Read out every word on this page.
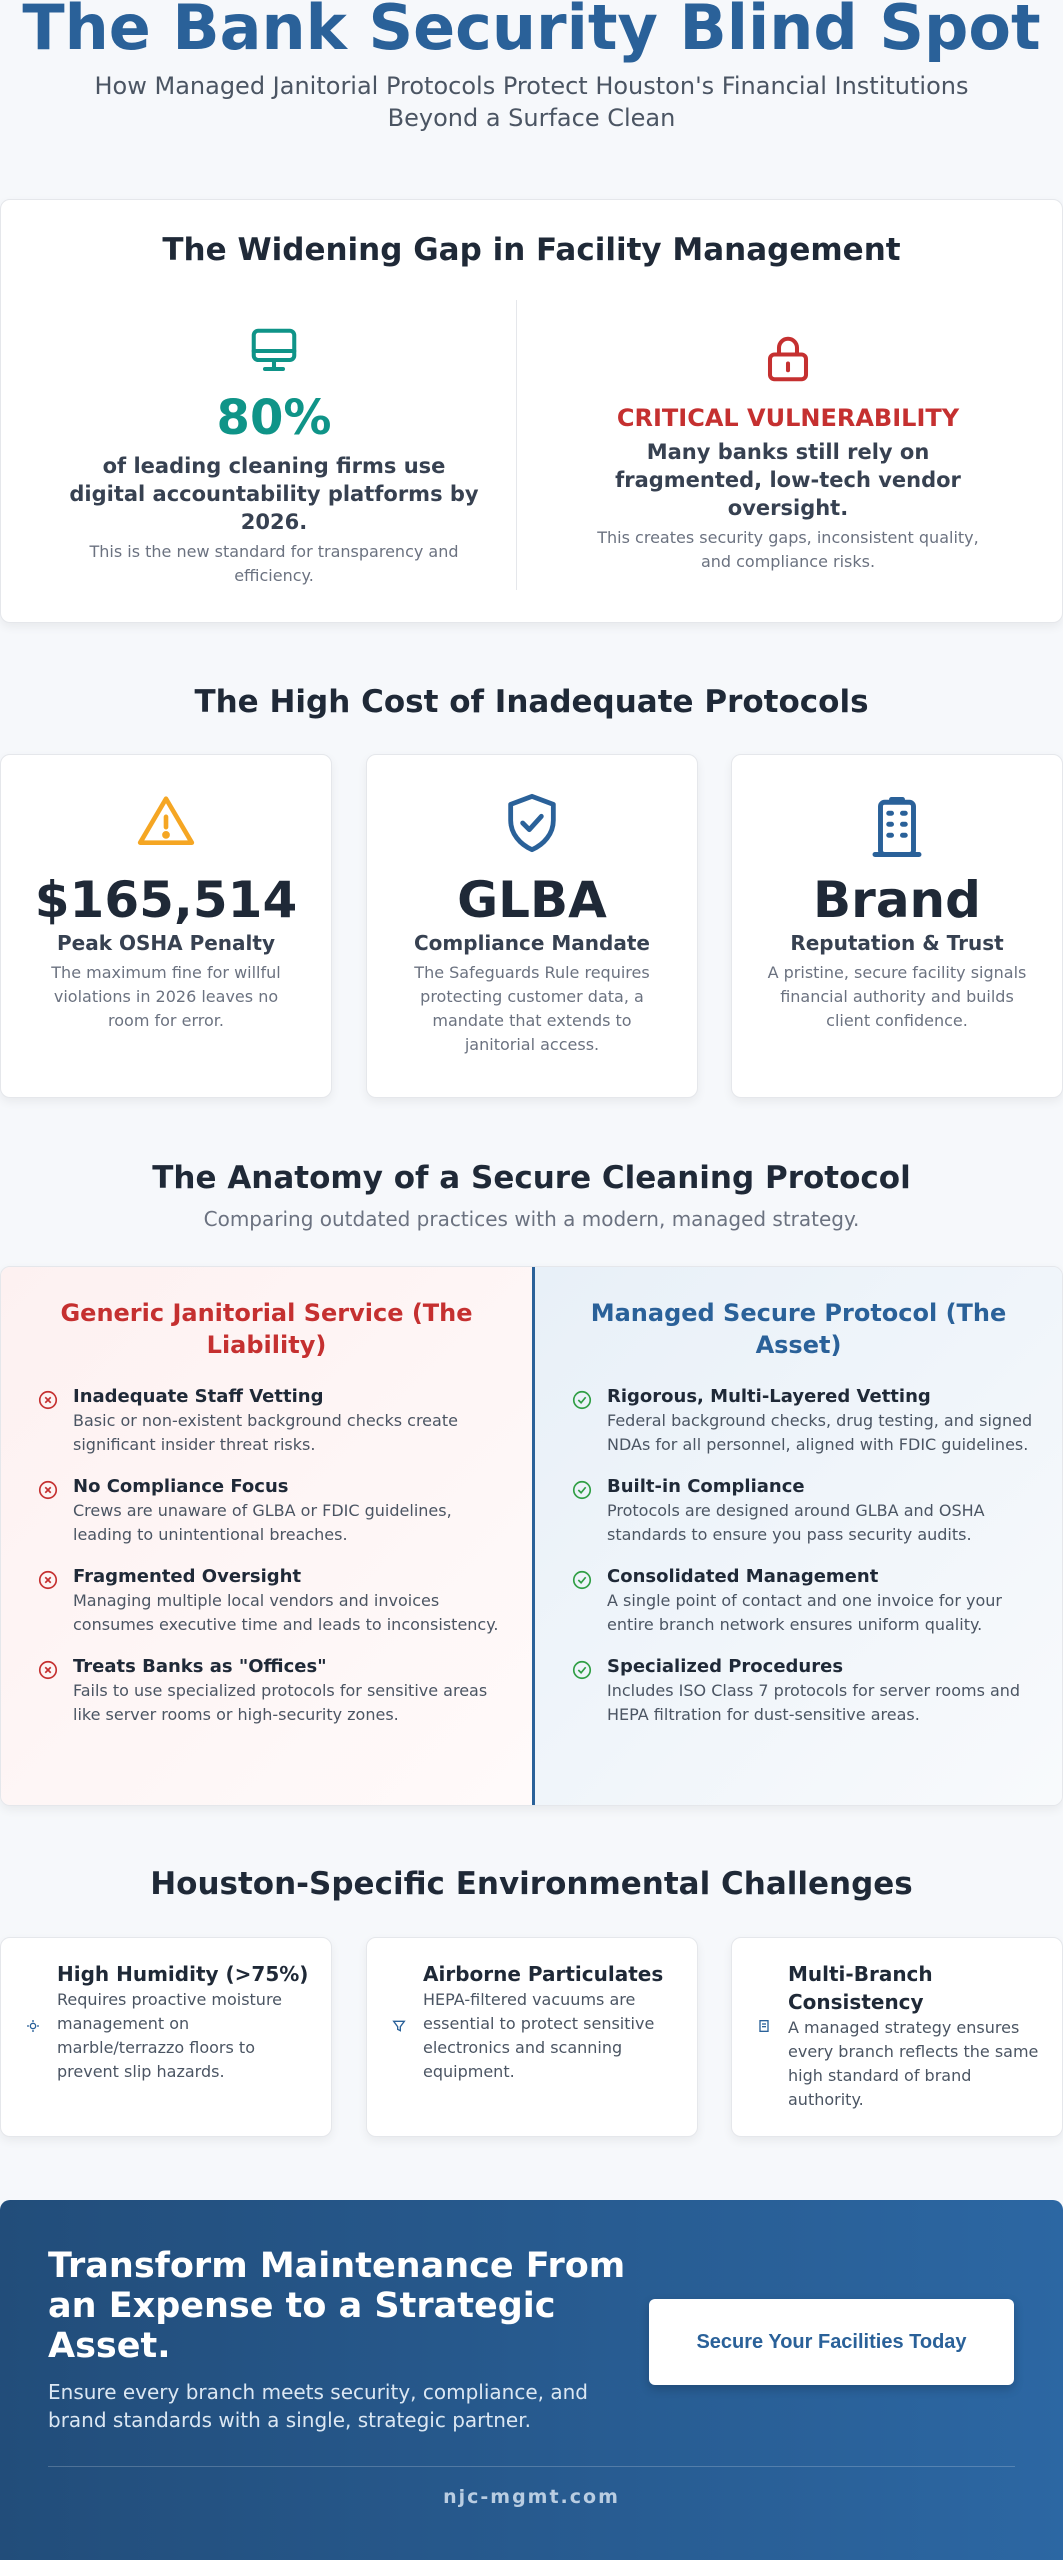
The Bank Security Blind Spot
How Managed Janitorial Protocols Protect Houston's Financial Institutions Beyond a Surface Clean
The Widening Gap in Facility Management
80%
of leading cleaning firms use digital accountability platforms by 2026.
This is the new standard for transparency and efficiency.
CRITICAL VULNERABILITY
Many banks still rely on fragmented, low-tech vendor oversight.
This creates security gaps, inconsistent quality, and compliance risks.
The High Cost of Inadequate Protocols
$165,514
Peak OSHA Penalty
The maximum fine for willful violations in 2026 leaves no room for error.
GLBA
Compliance Mandate
The Safeguards Rule requires protecting customer data, a mandate that extends to janitorial access.
Brand
Reputation & Trust
A pristine, secure facility signals financial authority and builds client confidence.
The Anatomy of a Secure Cleaning Protocol
Comparing outdated practices with a modern, managed strategy.
Generic Janitorial Service (The Liability)
Inadequate Staff Vetting
Basic or non-existent background checks create significant insider threat risks.
No Compliance Focus
Crews are unaware of GLBA or FDIC guidelines, leading to unintentional breaches.
Fragmented Oversight
Managing multiple local vendors and invoices consumes executive time and leads to inconsistency.
Treats Banks as "Offices"
Fails to use specialized protocols for sensitive areas like server rooms or high-security zones.
Managed Secure Protocol (The Asset)
Rigorous, Multi-Layered Vetting
Federal background checks, drug testing, and signed NDAs for all personnel, aligned with FDIC guidelines.
Built-in Compliance
Protocols are designed around GLBA and OSHA standards to ensure you pass security audits.
Consolidated Management
A single point of contact and one invoice for your entire branch network ensures uniform quality.
Specialized Procedures
Includes ISO Class 7 protocols for server rooms and HEPA filtration for dust-sensitive areas.
Houston-Specific Environmental Challenges
High Humidity (>75%)
Requires proactive moisture management on marble/terrazzo floors to prevent slip hazards.
Airborne Particulates
HEPA-filtered vacuums are essential to protect sensitive electronics and scanning equipment.
Multi-Branch Consistency
A managed strategy ensures every branch reflects the same high standard of brand authority.
Transform Maintenance From an Expense to a Strategic Asset.
Ensure every branch meets security, compliance, and brand standards with a single, strategic partner.
Secure Your Facilities Today
njc-mgmt.com
